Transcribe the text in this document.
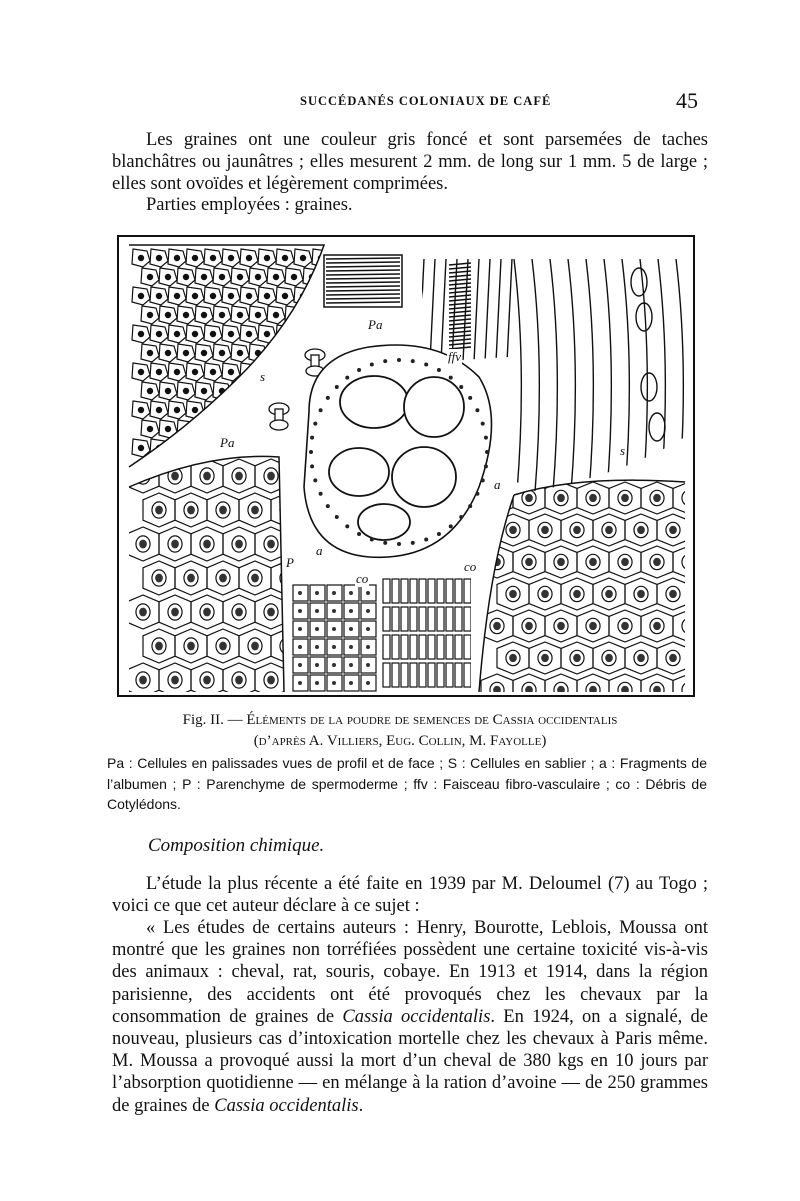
SUCCÉDANÉS COLONIAUX DE CAFÉ	45
Les graines ont une couleur gris foncé et sont parsemées de taches blanchâtres ou jaunâtres ; elles mesurent 2 mm. de long sur 1 mm. 5 de large ; elles sont ovoïdes et légèrement comprimées.
Parties employées : graines.
Pa
Pa
ffv
s
s
a
a
P
co
co
Fig. II. — Éléments de la poudre de semences de Cassia occidentalis
(d’après A. Villiers, Eug. Collin, M. Fayolle)
Pa : Cellules en palissades vues de profil et de face ; S : Cellules en sablier ; a : Fragments de l’albumen ; P : Parenchyme de spermoderme ; ffv : Faisceau fibro-vasculaire ; co : Débris de Cotylédons.
Composition chimique.
L’étude la plus récente a été faite en 1939 par M. Deloumel (7) au Togo ; voici ce que cet auteur déclare à ce sujet :
« Les études de certains auteurs : Henry, Bourotte, Leblois, Moussa ont montré que les graines non torréfiées possèdent une certaine toxicité vis-à-vis des animaux : cheval, rat, souris, cobaye. En 1913 et 1914, dans la région parisienne, des accidents ont été provoqués chez les chevaux par la consommation de graines de Cassia occidentalis. En 1924, on a signalé, de nouveau, plusieurs cas d’intoxication mortelle chez les chevaux à Paris même. M. Moussa a provoqué aussi la mort d’un cheval de 380 kgs en 10 jours par l’absorption quotidienne — en mélange à la ration d’avoine — de 250 grammes de graines de Cassia occidentalis.
